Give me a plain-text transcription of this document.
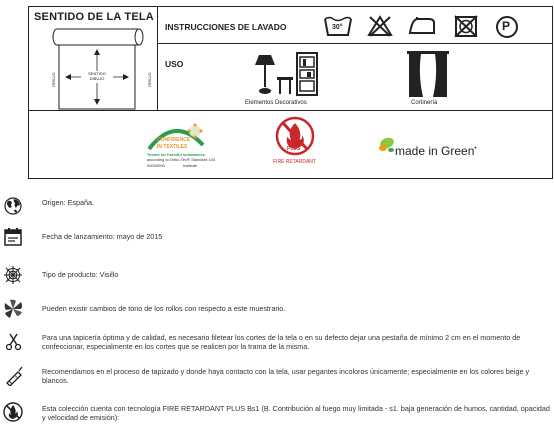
SENTIDO DE LA TELA
SENTIDO
DIBUJO
ORILLO	ORILLO
INSTRUCCIONES DE LAVADO	30°	P
USO
Elementos Decorativos	Cortinería
CONFIDENCE
IN TEXTILES
Tested for harmful substances
according to Oeko-Tex® Standard 100
00000000	Institute
PLUS
FIRE RETARDANT
made in Green•
Origen: España.
Fecha de lanzamiento: mayo de 2015
Tipo de producto: Visillo
Pueden existir cambios de tono de los rollos con respecto a este muestrario.
Para una tapicería óptima y de calidad, es necesario filetear los cortes de la tela o en su defecto dejar una pestaña de mínimo 2 cm en el momento de confeccionar, especialmente en los cortes que se realicen por la trama de la misma.
Recomendamos en el proceso de tapizado y donde haya contacto con la tela, usar pegantes incoloros únicamente; especialmente en los colores beige y blancos.
Esta colección cuenta con tecnología FIRE RETARDANT PLUS Bs1 (B. Contribución al fuego muy limitada - s1. baja generación de humos, cantidad, opacidad y velocidad de emisión):
